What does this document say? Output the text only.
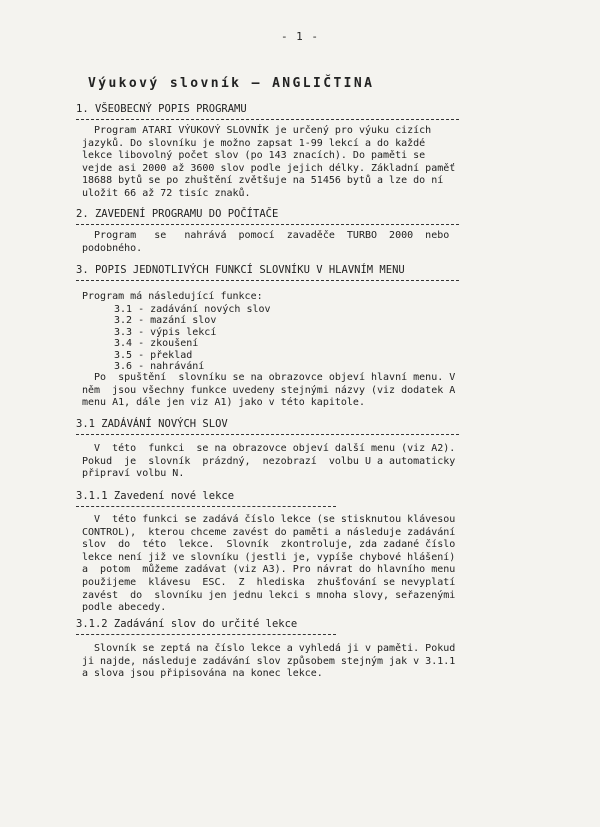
- 1 -
Výukový slovník — ANGLIČTINA
1. VŠEOBECNÝ POPIS PROGRAMU
Program ATARI VÝUKOVÝ SLOVNÍK je určený pro výuku cizích
jazyků. Do slovníku je možno zapsat 1-99 lekcí a do každé
lekce libovolný počet slov (po 143 znacích). Do paměti se
vejde asi 2000 až 3600 slov podle jejich délky. Základní paměť
18688 bytů se po zhuštění zvětšuje na 51456 bytů a lze do ní
uložit 66 až 72 tisíc znaků.
2. ZAVEDENÍ PROGRAMU DO POČÍTAČE
Program   se   nahrává  pomocí  zavaděče  TURBO  2000  nebo
podobného.
3. POPIS JEDNOTLIVÝCH FUNKCÍ SLOVNÍKU V HLAVNÍM MENU
Program má následující funkce:
3.1 - zadávání nových slov
3.2 - mazání slov
3.3 - výpis lekcí
3.4 - zkoušení
3.5 - překlad
3.6 - nahrávání
Po  spuštění  slovníku se na obrazovce objeví hlavní menu. V
něm  jsou všechny funkce uvedeny stejnými názvy (viz dodatek A
menu A1, dále jen viz A1) jako v této kapitole.
3.1 ZADÁVÁNÍ NOVÝCH SLOV
V  této  funkci  se na obrazovce objeví další menu (viz A2).
Pokud  je  slovník  prázdný,  nezobrazí  volbu U a automaticky
připraví volbu N.
3.1.1 Zavedení nové lekce
V  této funkci se zadává číslo lekce (se stisknutou klávesou
CONTROL),  kterou chceme zavést do paměti a následuje zadávání
slov  do  této  lekce.  Slovník  zkontroluje, zda zadané číslo
lekce není již ve slovníku (jestli je, vypíše chybové hlášení)
a  potom  můžeme zadávat (viz A3). Pro návrat do hlavního menu
použijeme  klávesu  ESC.  Z  hlediska  zhušťování se nevyplatí
zavést  do  slovníku jen jednu lekci s mnoha slovy, seřazenými
podle abecedy.
3.1.2 Zadávání slov do určité lekce
Slovník se zeptá na číslo lekce a vyhledá ji v paměti. Pokud
ji najde, následuje zadávání slov způsobem stejným jak v 3.1.1
a slova jsou připisována na konec lekce.
